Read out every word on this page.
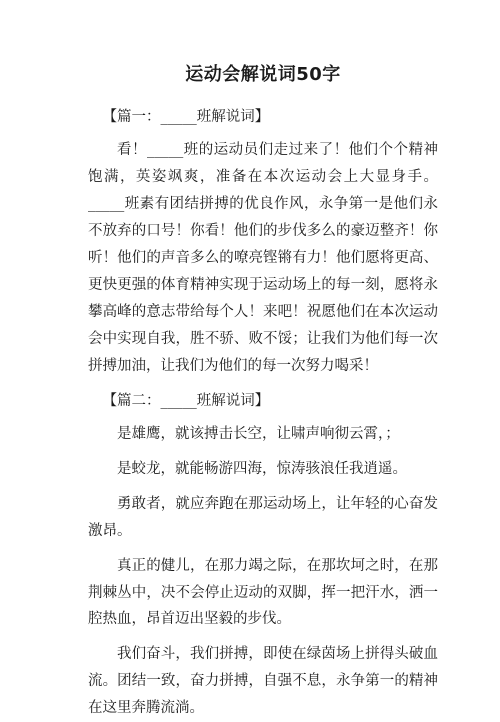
运动会解说词50字
【篇一：_____班解说词】

看！_____班的运动员们走过来了！他们个个精神饱满，英姿飒爽，准备在本次运动会上大显身手。_____班素有团结拼搏的优良作风，永争第一是他们永不放弃的口号！你看！他们的步伐多么的豪迈整齐！你听！他们的声音多么的嘹亮铿锵有力！他们愿将更高、更快更强的体育精神实现于运动场上的每一刻，愿将永攀高峰的意志带给每个人！来吧！祝愿他们在本次运动会中实现自我，胜不骄、败不馁；让我们为他们每一次拼搏加油，让我们为他们的每一次努力喝采！

【篇二：_____班解说词】

是雄鹰，就该搏击长空，让啸声响彻云霄，；

是蛟龙，就能畅游四海，惊涛骇浪任我逍遥。

勇敢者，就应奔跑在那运动场上，让年轻的心奋发激昂。

真正的健儿，在那力竭之际，在那坎坷之时，在那荆棘丛中，决不会停止迈动的双脚，挥一把汗水，洒一腔热血，昂首迈出坚毅的步伐。

我们奋斗，我们拼搏，即使在绿茵场上拼得头破血流。团结一致，奋力拼搏，自强不息，永争第一的精神在这里奔腾流淌。
